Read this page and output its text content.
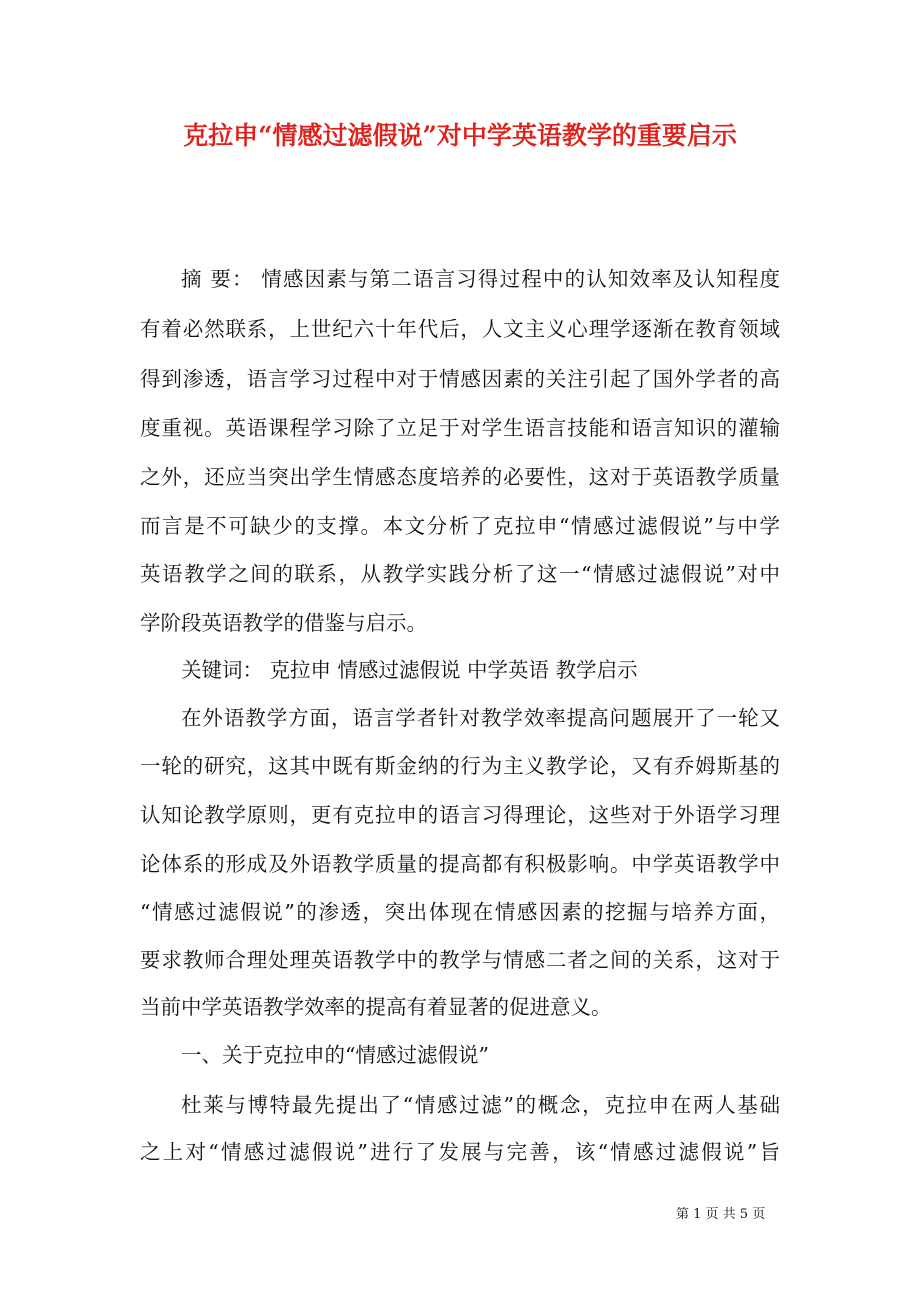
克拉申“情感过滤假说”对中学英语教学的重要启示

摘 要： 情感因素与第二语言习得过程中的认知效率及认知程度

有着必然联系，上世纪六十年代后，人文主义心理学逐渐在教育领域

得到渗透，语言学习过程中对于情感因素的关注引起了国外学者的高

度重视。英语课程学习除了立足于对学生语言技能和语言知识的灌输

之外，还应当突出学生情感态度培养的必要性，这对于英语教学质量

而言是不可缺少的支撑。本文分析了克拉申“情感过滤假说”与中学

英语教学之间的联系，从教学实践分析了这一“情感过滤假说”对中

学阶段英语教学的借鉴与启示。

关键词： 克拉申 情感过滤假说 中学英语 教学启示

在外语教学方面，语言学者针对教学效率提高问题展开了一轮又

一轮的研究，这其中既有斯金纳的行为主义教学论，又有乔姆斯基的

认知论教学原则，更有克拉申的语言习得理论，这些对于外语学习理

论体系的形成及外语教学质量的提高都有积极影响。中学英语教学中

“情感过滤假说”的渗透，突出体现在情感因素的挖掘与培养方面，

要求教师合理处理英语教学中的教学与情感二者之间的关系，这对于

当前中学英语教学效率的提高有着显著的促进意义。

一、关于克拉申的“情感过滤假说”

杜莱与博特最先提出了“情感过滤”的概念，克拉申在两人基础

之上对“情感过滤假说”进行了发展与完善，该“情感过滤假说”旨

第 1 页 共 5 页
